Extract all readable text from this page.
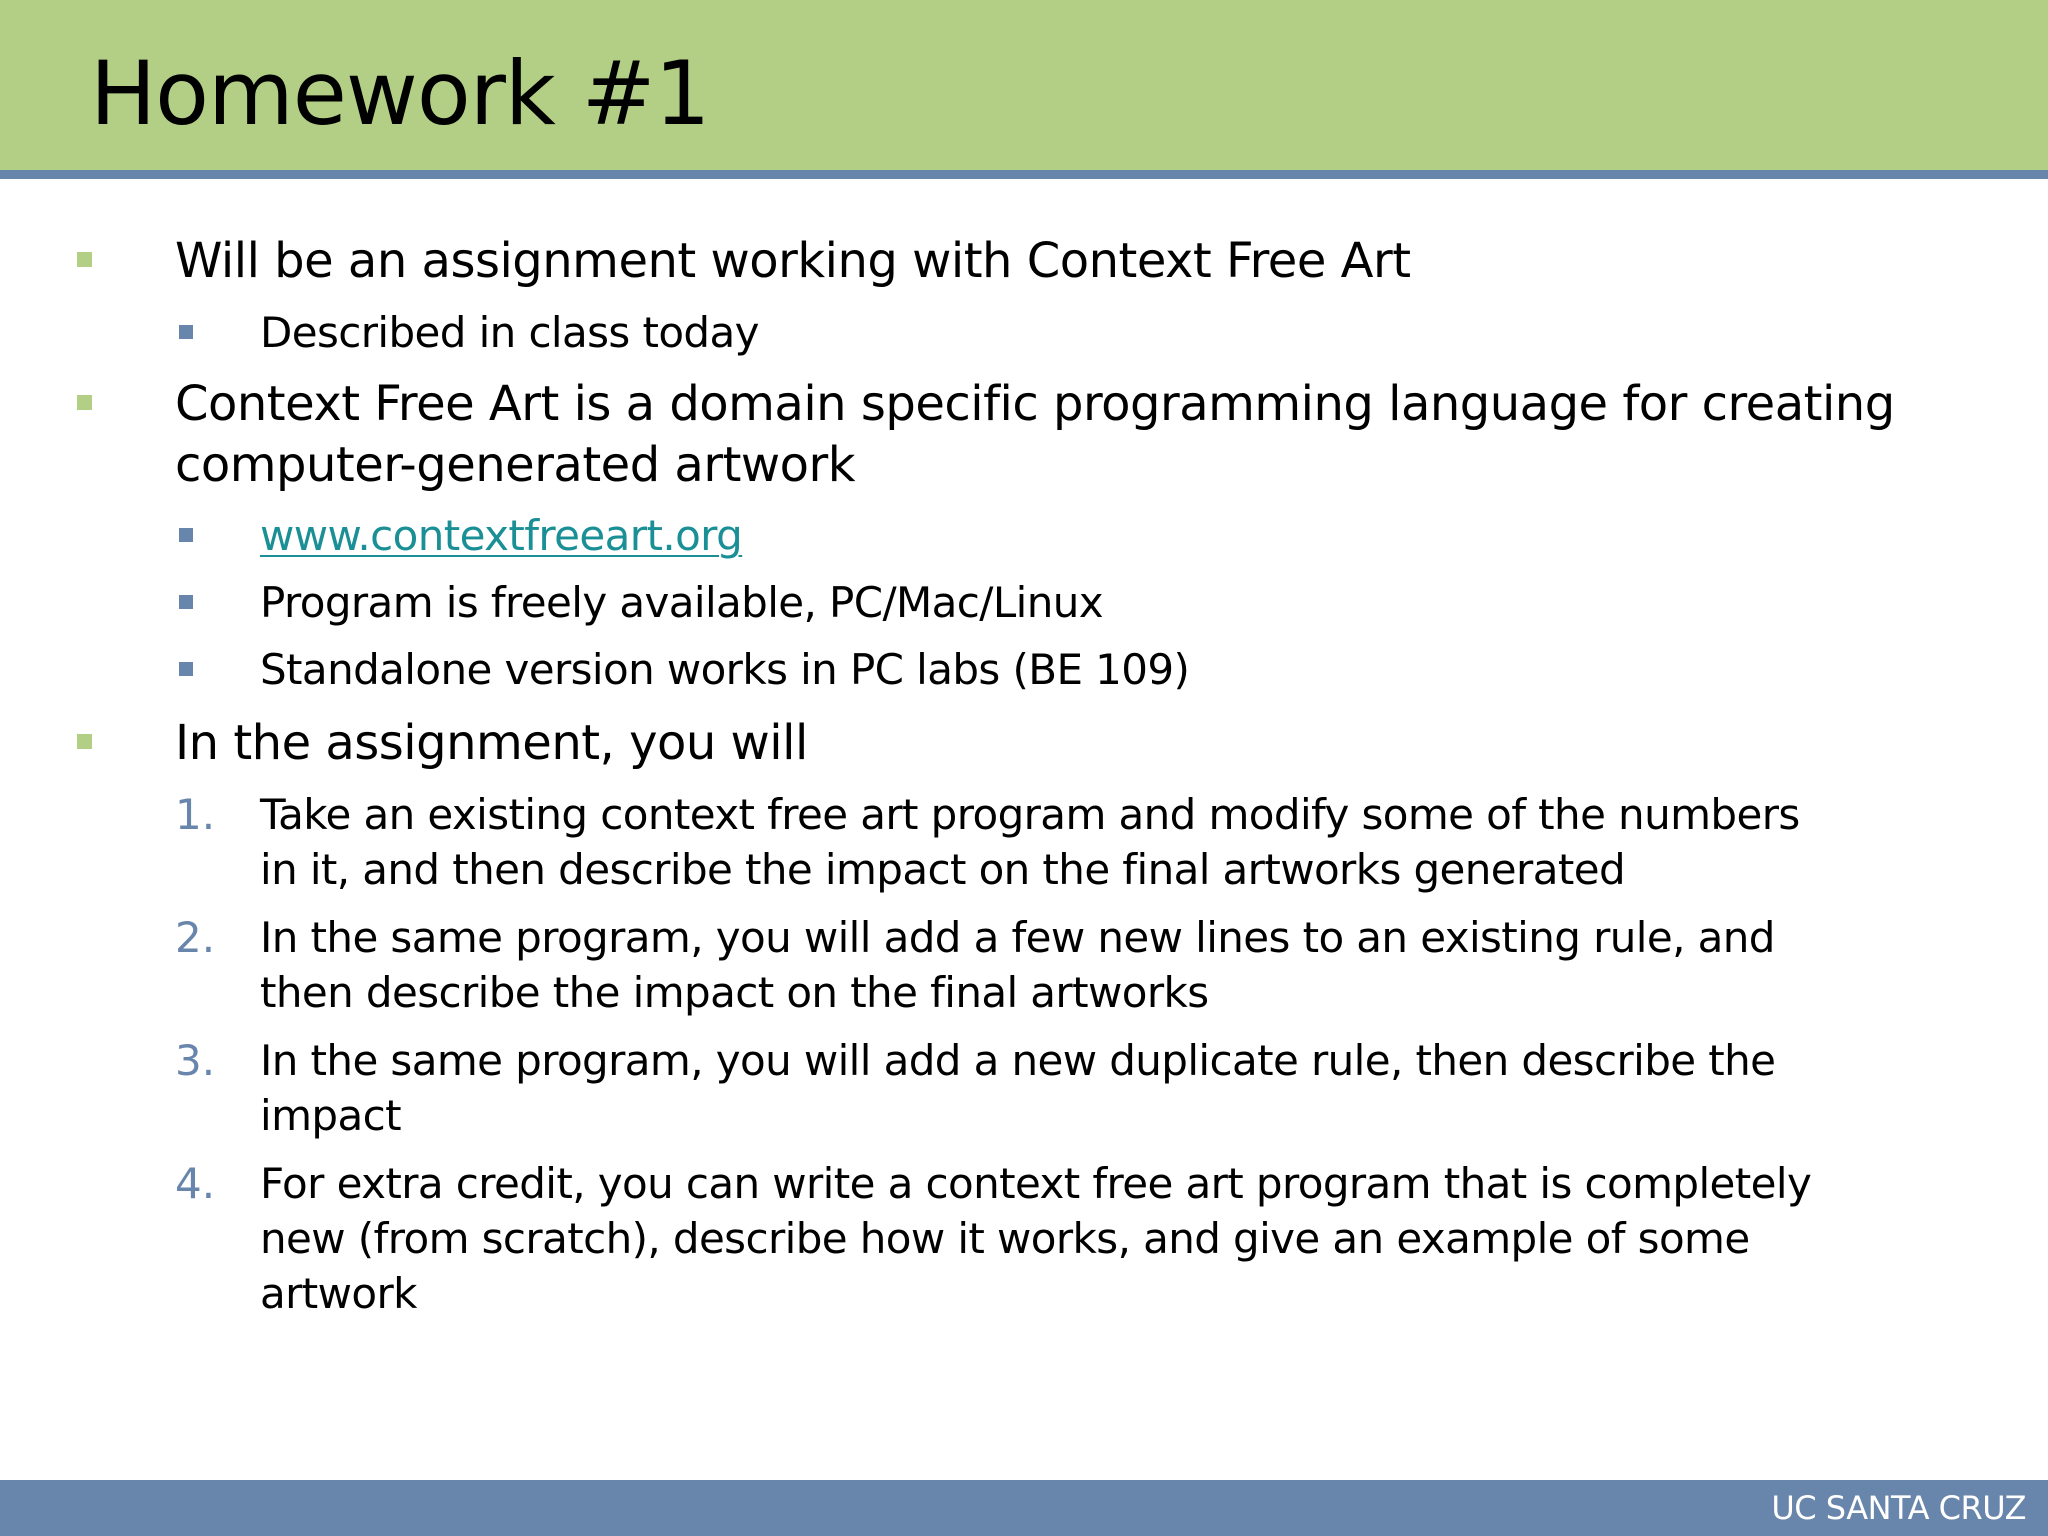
Homework #1
Will be an assignment working with Context Free Art
Described in class today
Context Free Art is a domain specific programming language for creating
computer-generated artwork
www.contextfreeart.org
Program is freely available, PC/Mac/Linux
Standalone version works in PC labs (BE 109)
In the assignment, you will
1. Take an existing context free art program and modify some of the numbers
in it, and then describe the impact on the final artworks generated
2. In the same program, you will add a few new lines to an existing rule, and
then describe the impact on the final artworks
3. In the same program, you will add a new duplicate rule, then describe the
impact
4. For extra credit, you can write a context free art program that is completely
new (from scratch), describe how it works, and give an example of some
artwork
UC SANTA CRUZ
